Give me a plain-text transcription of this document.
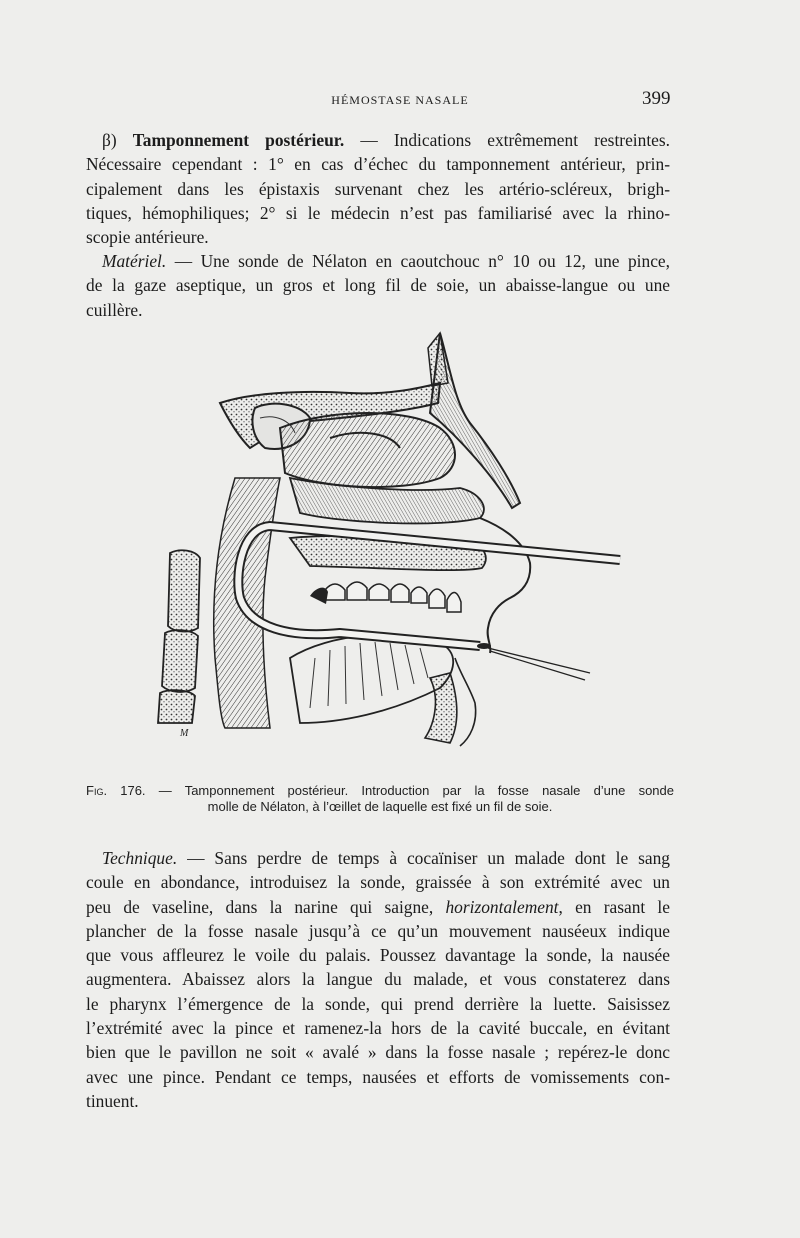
HÉMOSTASE NASALE	399
β) Tamponnement postérieur. — Indications extrêmement restreintes.
Nécessaire cependant : 1° en cas d’échec du tamponnement antérieur, prin-
cipalement dans les épistaxis survenant chez les artério-scléreux, brigh-
tiques, hémophiliques; 2° si le médecin n’est pas familiarisé avec la rhino-
scopie antérieure.
Matériel. — Une sonde de Nélaton en caoutchouc n° 10 ou 12, une pince,
de la gaze aseptique, un gros et long fil de soie, un abaisse-langue ou une
cuillère.
M
Fig. 176. — Tamponnement postérieur. Introduction par la fosse nasale d’une sonde
molle de Nélaton, à l’œillet de laquelle est fixé un fil de soie.
Technique. — Sans perdre de temps à cocaïniser un malade dont le sang
coule en abondance, introduisez la sonde, graissée à son extrémité avec un
peu de vaseline, dans la narine qui saigne, horizontalement, en rasant le
plancher de la fosse nasale jusqu’à ce qu’un mouvement nauséeux indique
que vous affleurez le voile du palais. Poussez davantage la sonde, la nausée
augmentera. Abaissez alors la langue du malade, et vous constaterez dans
le pharynx l’émergence de la sonde, qui prend derrière la luette. Saisissez
l’extrémité avec la pince et ramenez-la hors de la cavité buccale, en évitant
bien que le pavillon ne soit « avalé » dans la fosse nasale ; repérez-le donc
avec une pince. Pendant ce temps, nausées et efforts de vomissements con-
tinuent.
